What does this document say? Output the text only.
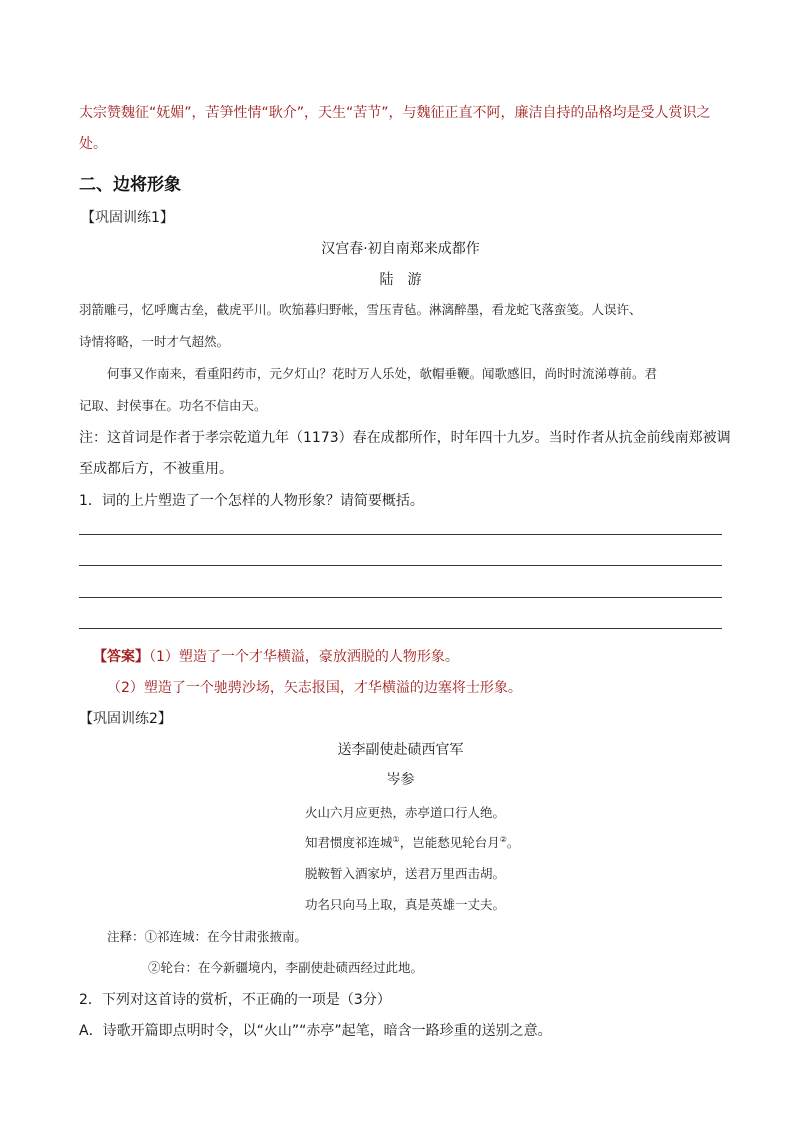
太宗赞魏征“妩媚”，苦笋性情“耿介”，天生“苦节”，与魏征正直不阿，廉洁自持的品格均是受人赏识之
处。
二、边将形象
【巩固训练1】
汉宫春·初自南郑来成都作
陆　游
羽箭雕弓，忆呼鹰古垒，截虎平川。吹笳暮归野帐，雪压青毡。淋漓醉墨，看龙蛇飞落蛮笺。人误许、
诗情将略，一时才气超然。
何事又作南来，看重阳药市，元夕灯山？花时万人乐处，欹帽垂鞭。闻歌感旧，尚时时流涕尊前。君
记取、封侯事在。功名不信由天。
注：这首词是作者于孝宗乾道九年（1173）春在成都所作，时年四十九岁。当时作者从抗金前线南郑被调
至成都后方，不被重用。
1．词的上片塑造了一个怎样的人物形象？请简要概括。
【答案】（1）塑造了一个才华横溢，豪放洒脱的人物形象。
（2）塑造了一个驰骋沙场，矢志报国，才华横溢的边塞将士形象。
【巩固训练2】
送李副使赴碛西官军
岑参
火山六月应更热，赤亭道口行人绝。
知君惯度祁连城①，岂能愁见轮台月②。
脱鞍暂入酒家垆，送君万里西击胡。
功名只向马上取，真是英雄一丈夫。
注释：①祁连城：在今甘肃张掖南。
②轮台：在今新疆境内，李副使赴碛西经过此地。
2．下列对这首诗的赏析，不正确的一项是（3分）
A．诗歌开篇即点明时令，以“火山”“赤亭”起笔，暗含一路珍重的送别之意。
